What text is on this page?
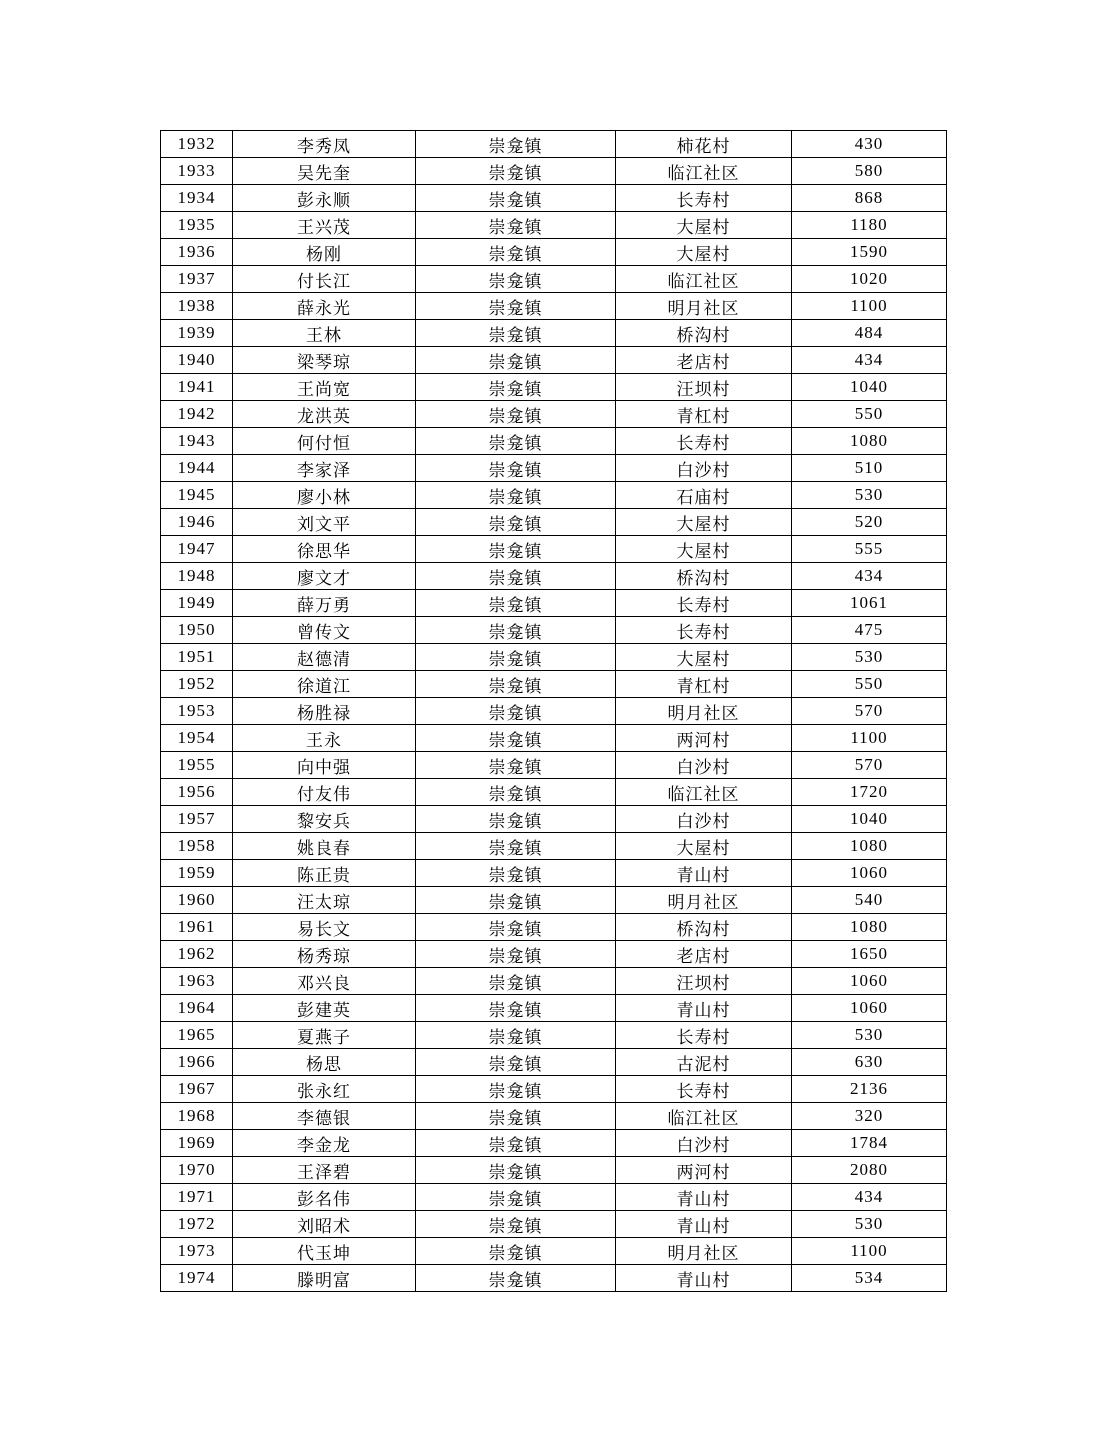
1932	李秀凤	崇龛镇	柿花村	430
1933	吴先奎	崇龛镇	临江社区	580
1934	彭永顺	崇龛镇	长寿村	868
1935	王兴茂	崇龛镇	大屋村	1180
1936	杨刚	崇龛镇	大屋村	1590
1937	付长江	崇龛镇	临江社区	1020
1938	薛永光	崇龛镇	明月社区	1100
1939	王林	崇龛镇	桥沟村	484
1940	梁琴琼	崇龛镇	老店村	434
1941	王尚宽	崇龛镇	汪坝村	1040
1942	龙洪英	崇龛镇	青杠村	550
1943	何付恒	崇龛镇	长寿村	1080
1944	李家泽	崇龛镇	白沙村	510
1945	廖小林	崇龛镇	石庙村	530
1946	刘文平	崇龛镇	大屋村	520
1947	徐思华	崇龛镇	大屋村	555
1948	廖文才	崇龛镇	桥沟村	434
1949	薛万勇	崇龛镇	长寿村	1061
1950	曾传文	崇龛镇	长寿村	475
1951	赵德清	崇龛镇	大屋村	530
1952	徐道江	崇龛镇	青杠村	550
1953	杨胜禄	崇龛镇	明月社区	570
1954	王永	崇龛镇	两河村	1100
1955	向中强	崇龛镇	白沙村	570
1956	付友伟	崇龛镇	临江社区	1720
1957	黎安兵	崇龛镇	白沙村	1040
1958	姚良春	崇龛镇	大屋村	1080
1959	陈正贵	崇龛镇	青山村	1060
1960	汪太琼	崇龛镇	明月社区	540
1961	易长文	崇龛镇	桥沟村	1080
1962	杨秀琼	崇龛镇	老店村	1650
1963	邓兴良	崇龛镇	汪坝村	1060
1964	彭建英	崇龛镇	青山村	1060
1965	夏燕子	崇龛镇	长寿村	530
1966	杨思	崇龛镇	古泥村	630
1967	张永红	崇龛镇	长寿村	2136
1968	李德银	崇龛镇	临江社区	320
1969	李金龙	崇龛镇	白沙村	1784
1970	王泽碧	崇龛镇	两河村	2080
1971	彭名伟	崇龛镇	青山村	434
1972	刘昭术	崇龛镇	青山村	530
1973	代玉坤	崇龛镇	明月社区	1100
1974	滕明富	崇龛镇	青山村	534
